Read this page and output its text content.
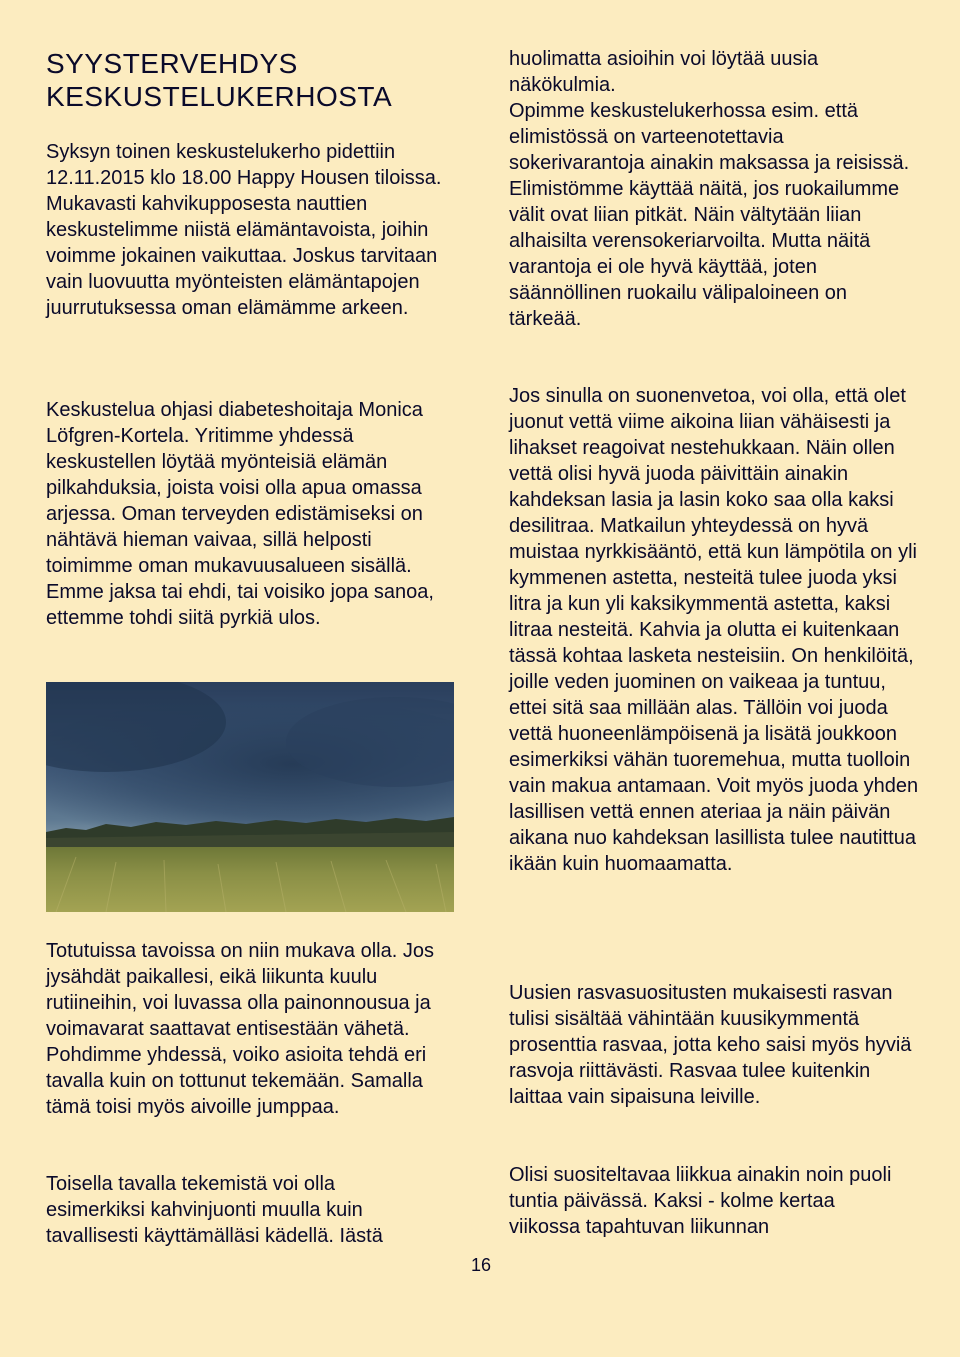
SYYSTERVEHDYS
KESKUSTELUKERHOSTA

Syksyn toinen keskustelukerho pidettiin 12.11.2015 klo 18.00 Happy Housen tiloissa. Mukavasti kahvikupposesta nauttien keskustelimme niistä elämäntavoista, joihin voimme jokainen vaikuttaa. Joskus tarvitaan vain luovuutta myönteisten elämäntapojen juurrutuksessa oman elämämme arkeen.

Keskustelua ohjasi diabeteshoitaja Monica Löfgren-Kortela. Yritimme yhdessä keskustellen löytää myönteisiä elämän pilkahduksia, joista voisi olla apua omassa arjessa. Oman terveyden edistämiseksi on nähtävä hieman vaivaa, sillä helposti toimimme oman mukavuusalueen sisällä. Emme jaksa tai ehdi, tai voisiko jopa sanoa, ettemme tohdi siitä pyrkiä ulos.

Totutuissa tavoissa on niin mukava olla. Jos jysähdät paikallesi, eikä liikunta kuulu rutiineihin, voi luvassa olla painonnousua ja voimavarat saattavat entisestään vähetä. Pohdimme yhdessä, voiko asioita tehdä eri tavalla kuin on tottunut tekemään. Samalla tämä toisi myös aivoille jumppaa.

Toisella tavalla tekemistä voi olla esimerkiksi kahvinjuonti muulla kuin tavallisesti käyttämälläsi kädellä. Iästä

huolimatta asioihin voi löytää uusia näkökulmia.

Opimme keskustelukerhossa esim. että elimistössä on varteenotettavia sokerivarantoja ainakin maksassa ja reisissä. Elimistömme käyttää näitä, jos ruokailumme välit ovat liian pitkät. Näin vältytään liian alhaisilta verensokeriarvoilta. Mutta näitä varantoja ei ole hyvä käyttää, joten säännöllinen ruokailu välipaloineen on tärkeää.

Jos sinulla on suonenvetoa, voi olla, että olet juonut vettä viime aikoina liian vähäisesti ja lihakset reagoivat nestehukkaan. Näin ollen vettä olisi hyvä juoda päivittäin ainakin kahdeksan lasia ja lasin koko saa olla kaksi desilitraa. Matkailun yhteydessä on hyvä muistaa nyrkkisääntö, että kun lämpötila on yli kymmenen astetta, nesteitä tulee juoda yksi litra ja kun yli kaksikymmentä astetta, kaksi litraa nesteitä. Kahvia ja olutta ei kuitenkaan tässä kohtaa lasketa nesteisiin. On henkilöitä, joille veden juominen on vaikeaa ja tuntuu, ettei sitä saa millään alas. Tällöin voi juoda vettä huoneenlämpöisenä ja lisätä joukkoon esimerkiksi vähän tuoremehua, mutta tuolloin vain makua antamaan. Voit myös juoda yhden lasillisen vettä ennen ateriaa ja näin päivän aikana nuo kahdeksan lasillista tulee nautittua ikään kuin huomaamatta.

Uusien rasvasuositusten mukaisesti rasvan tulisi sisältää vähintään kuusikymmentä prosenttia rasvaa, jotta keho saisi myös hyviä rasvoja riittävästi. Rasvaa tulee kuitenkin laittaa vain sipaisuna leiville.

Olisi suositeltavaa liikkua ainakin noin puoli tuntia päivässä. Kaksi - kolme kertaa viikossa tapahtuvan liikunnan

16
